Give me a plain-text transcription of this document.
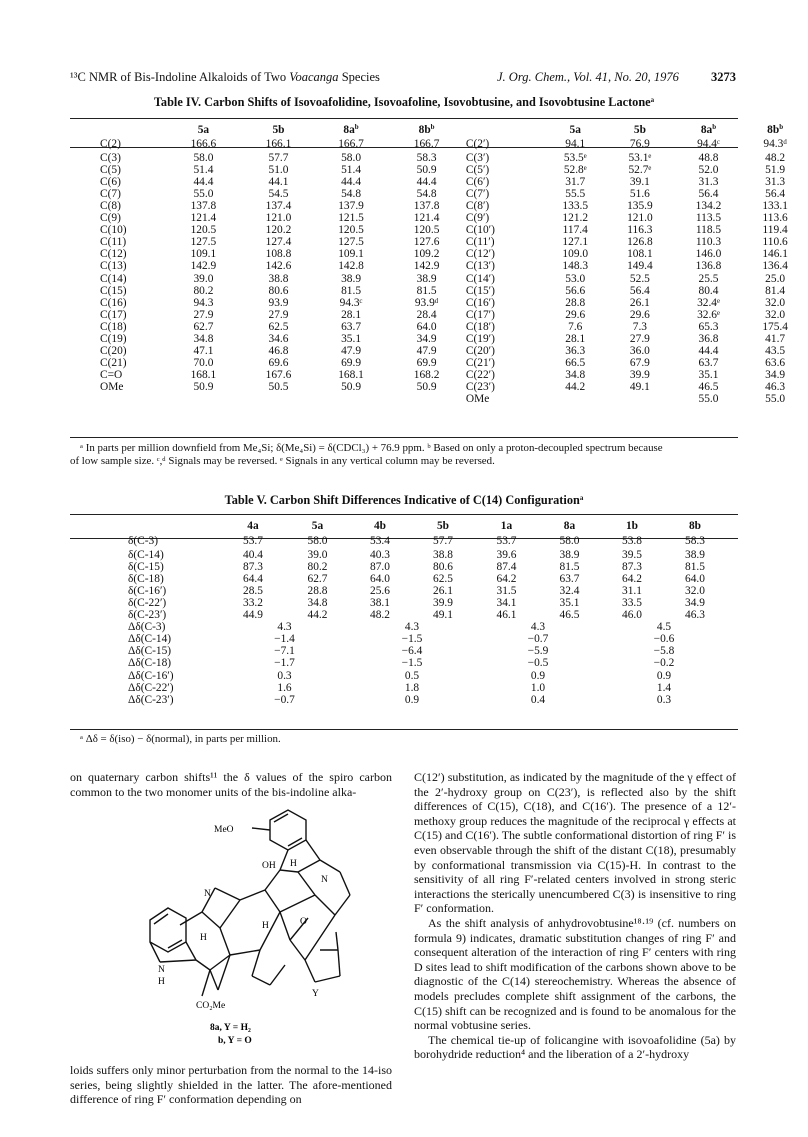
¹³C NMR of Bis-Indoline Alkaloids of Two Voacanga Species	J. Org. Chem., Vol. 41, No. 20, 1976	3273
Table IV. Carbon Shifts of Isovoafolidine, Isovoafoline, Isovobtusine, and Isovobtusine Lactone$^a$
	5a	5b	$8a^b$	$8b^b$		5a	5b	$8a^b$	$8b^b$
C(2)	166.6	166.1	166.7	166.7	C(2′)	94.1	76.9	94.4ᶜ	94.3ᵈ
C(3)	58.0	57.7	58.0	58.3	C(3′)	53.5ᵉ	53.1ᵉ	48.8	48.2
C(5)	51.4	51.0	51.4	50.9	C(5′)	52.8ᵉ	52.7ᵉ	52.0	51.9
C(6)	44.4	44.1	44.4	44.4	C(6′)	31.7	39.1	31.3	31.3
C(7)	55.0	54.5	54.8	54.8	C(7′)	55.5	51.6	56.4	56.4
C(8)	137.8	137.4	137.9	137.8	C(8′)	133.5	135.9	134.2	133.1
C(9)	121.4	121.0	121.5	121.4	C(9′)	121.2	121.0	113.5	113.6
C(10)	120.5	120.2	120.5	120.5	C(10′)	117.4	116.3	118.5	119.4
C(11)	127.5	127.4	127.5	127.6	C(11′)	127.1	126.8	110.3	110.6
C(12)	109.1	108.8	109.1	109.2	C(12′)	109.0	108.1	146.0	146.1
C(13)	142.9	142.6	142.8	142.9	C(13′)	148.3	149.4	136.8	136.4
C(14)	39.0	38.8	38.9	38.9	C(14′)	53.0	52.5	25.5	25.0
C(15)	80.2	80.6	81.5	81.5	C(15′)	56.6	56.4	80.4	81.4
C(16)	94.3	93.9	94.3ᶜ	93.9ᵈ	C(16′)	28.8	26.1	32.4ᵉ	32.0
C(17)	27.9	27.9	28.1	28.4	C(17′)	29.6	29.6	32.6ᵉ	32.0
C(18)	62.7	62.5	63.7	64.0	C(18′)	7.6	7.3	65.3	175.4
C(19)	34.8	34.6	35.1	34.9	C(19′)	28.1	27.9	36.8	41.7
C(20)	47.1	46.8	47.9	47.9	C(20′)	36.3	36.0	44.4	43.5
C(21)	70.0	69.6	69.9	69.9	C(21′)	66.5	67.9	63.7	63.6
C=O	168.1	167.6	168.1	168.2	C(22′)	34.8	39.9	35.1	34.9
OMe	50.9	50.5	50.9	50.9	C(23′)	44.2	49.1	46.5	46.3
					OMe			55.0	55.0
ᵃ In parts per million downfield from Me₄Si; δ(Me₄Si) = δ(CDCl₃) + 76.9 ppm. ᵇ Based on only a proton-decoupled spectrum because
of low sample size. ᶜ,ᵈ Signals may be reversed. ᵉ Signals in any vertical column may be reversed.
Table V. Carbon Shift Differences Indicative of C(14) Configuration$^a$
	4a	5a	4b	5b	1a	8a	1b	8b
δ(C-3)	53.7	58.0	53.4	57.7	53.7	58.0	53.8	58.3
δ(C-14)	40.4	39.0	40.3	38.8	39.6	38.9	39.5	38.9
δ(C-15)	87.3	80.2	87.0	80.6	87.4	81.5	87.3	81.5
δ(C-18)	64.4	62.7	64.0	62.5	64.2	63.7	64.2	64.0
δ(C-16′)	28.5	28.8	25.6	26.1	31.5	32.4	31.1	32.0
δ(C-22′)	33.2	34.8	38.1	39.9	34.1	35.1	33.5	34.9
δ(C-23′)	44.9	44.2	48.2	49.1	46.1	46.5	46.0	46.3
Δδ(C-3)	4.3		4.3		4.3		4.5	
Δδ(C-14)	−1.4		−1.5		−0.7		−0.6	
Δδ(C-15)	−7.1		−6.4		−5.9		−5.8	
Δδ(C-18)	−1.7		−1.5		−0.5		−0.2	
Δδ(C-16′)	0.3		0.5		0.9		0.9	
Δδ(C-22′)	1.6		1.8		1.0		1.4	
Δδ(C-23′)	−0.7		0.9		0.4		0.3	
ᵃ Δδ = δ(iso) − δ(normal), in parts per million.
on quaternary carbon shifts¹¹ the δ values of the spiro carbon common to the two monomer units of the bis-indoline alka-
MeO
OH H
N
N
H
H
O
Y
N
H
CO₂Me
8a, Y = H₂
b, Y = O
loids suffers only minor perturbation from the normal to the 14-iso series, being slightly shielded in the latter. The afore-mentioned difference of ring F′ conformation depending on

C(12′) substitution, as indicated by the magnitude of the γ effect of the 2′-hydroxy group on C(23′), is reflected also by the shift differences of C(15), C(18), and C(16′). The presence of a 12′-methoxy group reduces the magnitude of the reciprocal γ effects at C(15) and C(16′). The subtle conformational distortion of ring F′ is even observable through the shift of the distant C(18), presumably by conformational transmission via C(15)-H. In contrast to the sensitivity of all ring F′-related centers involved in strong steric interactions the sterically unencumbered C(3) is insensitive to ring F′ conformation.

As the shift analysis of anhydrovobtusine¹⁸·¹⁹ (cf. numbers on formula 9) indicates, dramatic substitution changes of ring F′ and consequent alteration of the interaction of ring F′ centers with ring D sites lead to shift modification of the carbons shown above to be diagnostic of the C(14) stereochemistry. Whereas the absence of models precludes complete shift assignment of the carbons, the C(15) shift can be recognized and is found to be anomalous for the normal vobtusine series.

The chemical tie-up of folicangine with isovoafolidine (5a) by borohydride reduction⁴ and the liberation of a 2′-hydroxy
